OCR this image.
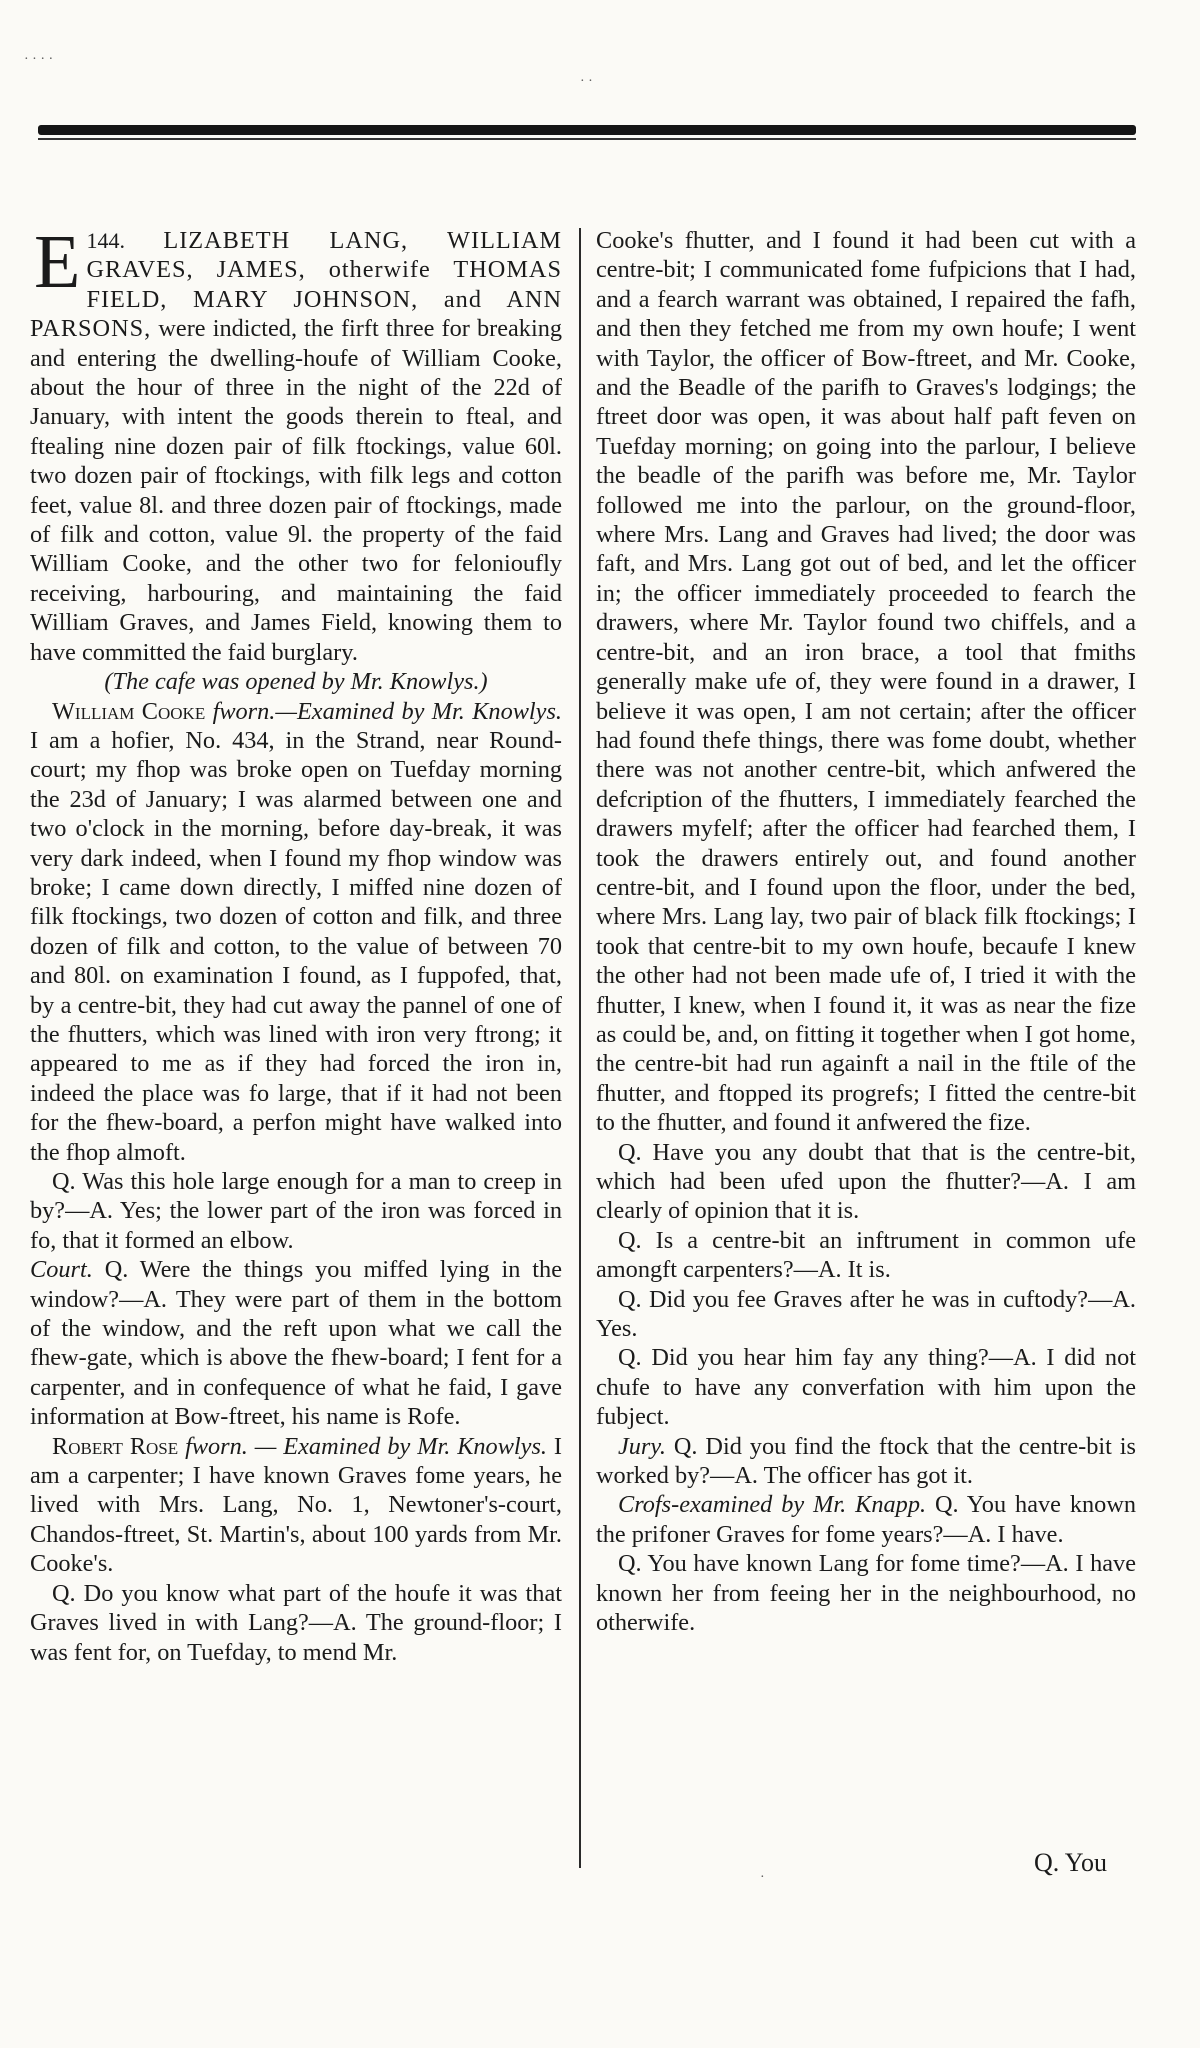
144.
E	LIZABETH LANG, WILLIAM GRAVES, JAMES, otherwife THOMAS FIELD, MARY JOHNSON, and ANN PARSONS, were indicted, the firft three for breaking and entering the dwelling-houfe of William Cooke, about the hour of three in the night of the 22d of January, with intent the goods therein to fteal, and ftealing nine dozen pair of filk ftockings, value 60l. two dozen pair of ftockings, with filk legs and cotton feet, value 8l. and three dozen pair of ftockings, made of filk and cotton, value 9l. the property of the faid William Cooke, and the other two for felonioufly receiving, harbouring, and maintaining the faid William Graves, and James Field, knowing them to have committed the faid burglary.

(The cafe was opened by Mr. Knowlys.)

William Cooke fworn.—Examined by Mr. Knowlys. I am a hofier, No. 434, in the Strand, near Round-court; my fhop was broke open on Tuefday morning the 23d of January; I was alarmed between one and two o'clock in the morning, before day-break, it was very dark indeed, when I found my fhop window was broke; I came down directly, I miffed nine dozen of filk ftockings, two dozen of cotton and filk, and three dozen of filk and cotton, to the value of between 70 and 80l. on examination I found, as I fuppofed, that, by a centre-bit, they had cut away the pannel of one of the fhutters, which was lined with iron very ftrong; it appeared to me as if they had forced the iron in, indeed the place was fo large, that if it had not been for the fhew-board, a perfon might have walked into the fhop almoft.

Q. Was this hole large enough for a man to creep in by?—A. Yes; the lower part of the iron was forced in fo, that it formed an elbow.

Court. Q. Were the things you miffed lying in the window?—A. They were part of them in the bottom of the window, and the reft upon what we call the fhew-gate, which is above the fhew-board; I fent for a carpenter, and in confequence of what he faid, I gave information at Bow-ftreet, his name is Rofe.

Robert Rose fworn. — Examined by Mr. Knowlys. I am a carpenter; I have known Graves fome years, he lived with Mrs. Lang, No. 1, Newtoner's-court, Chandos-ftreet, St. Martin's, about 100 yards from Mr. Cooke's.

Q. Do you know what part of the houfe it was that Graves lived in with Lang?—A. The ground-floor; I was fent for, on Tuefday, to mend Mr.

Cooke's fhutter, and I found it had been cut with a centre-bit; I communicated fome fufpicions that I had, and a fearch warrant was obtained, I repaired the fafh, and then they fetched me from my own houfe; I went with Taylor, the officer of Bow-ftreet, and Mr. Cooke, and the Beadle of the parifh to Graves's lodgings; the ftreet door was open, it was about half paft feven on Tuefday morning; on going into the parlour, I believe the beadle of the parifh was before me, Mr. Taylor followed me into the parlour, on the ground-floor, where Mrs. Lang and Graves had lived; the door was faft, and Mrs. Lang got out of bed, and let the officer in; the officer immediately proceeded to fearch the drawers, where Mr. Taylor found two chiffels, and a centre-bit, and an iron brace, a tool that fmiths generally make ufe of, they were found in a drawer, I believe it was open, I am not certain; after the officer had found thefe things, there was fome doubt, whether there was not another centre-bit, which anfwered the defcription of the fhutters, I immediately fearched the drawers myfelf; after the officer had fearched them, I took the drawers entirely out, and found another centre-bit, and I found upon the floor, under the bed, where Mrs. Lang lay, two pair of black filk ftockings; I took that centre-bit to my own houfe, becaufe I knew the other had not been made ufe of, I tried it with the fhutter, I knew, when I found it, it was as near the fize as could be, and, on fitting it together when I got home, the centre-bit had run againft a nail in the ftile of the fhutter, and ftopped its progrefs; I fitted the centre-bit to the fhutter, and found it anfwered the fize.

Q. Have you any doubt that that is the centre-bit, which had been ufed upon the fhutter?—A. I am clearly of opinion that it is.

Q. Is a centre-bit an inftrument in common ufe amongft carpenters?—A. It is.

Q. Did you fee Graves after he was in cuftody?—A. Yes.

Q. Did you hear him fay any thing?—A. I did not chufe to have any converfation with him upon the fubject.

Jury. Q. Did you find the ftock that the centre-bit is worked by?—A. The officer has got it.

Crofs-examined by Mr. Knapp. Q. You have known the prifoner Graves for fome years?—A. I have.

Q. You have known Lang for fome time?—A. I have known her from feeing her in the neighbourhood, no otherwife.

Q. You
· · · ·
· ·
·
